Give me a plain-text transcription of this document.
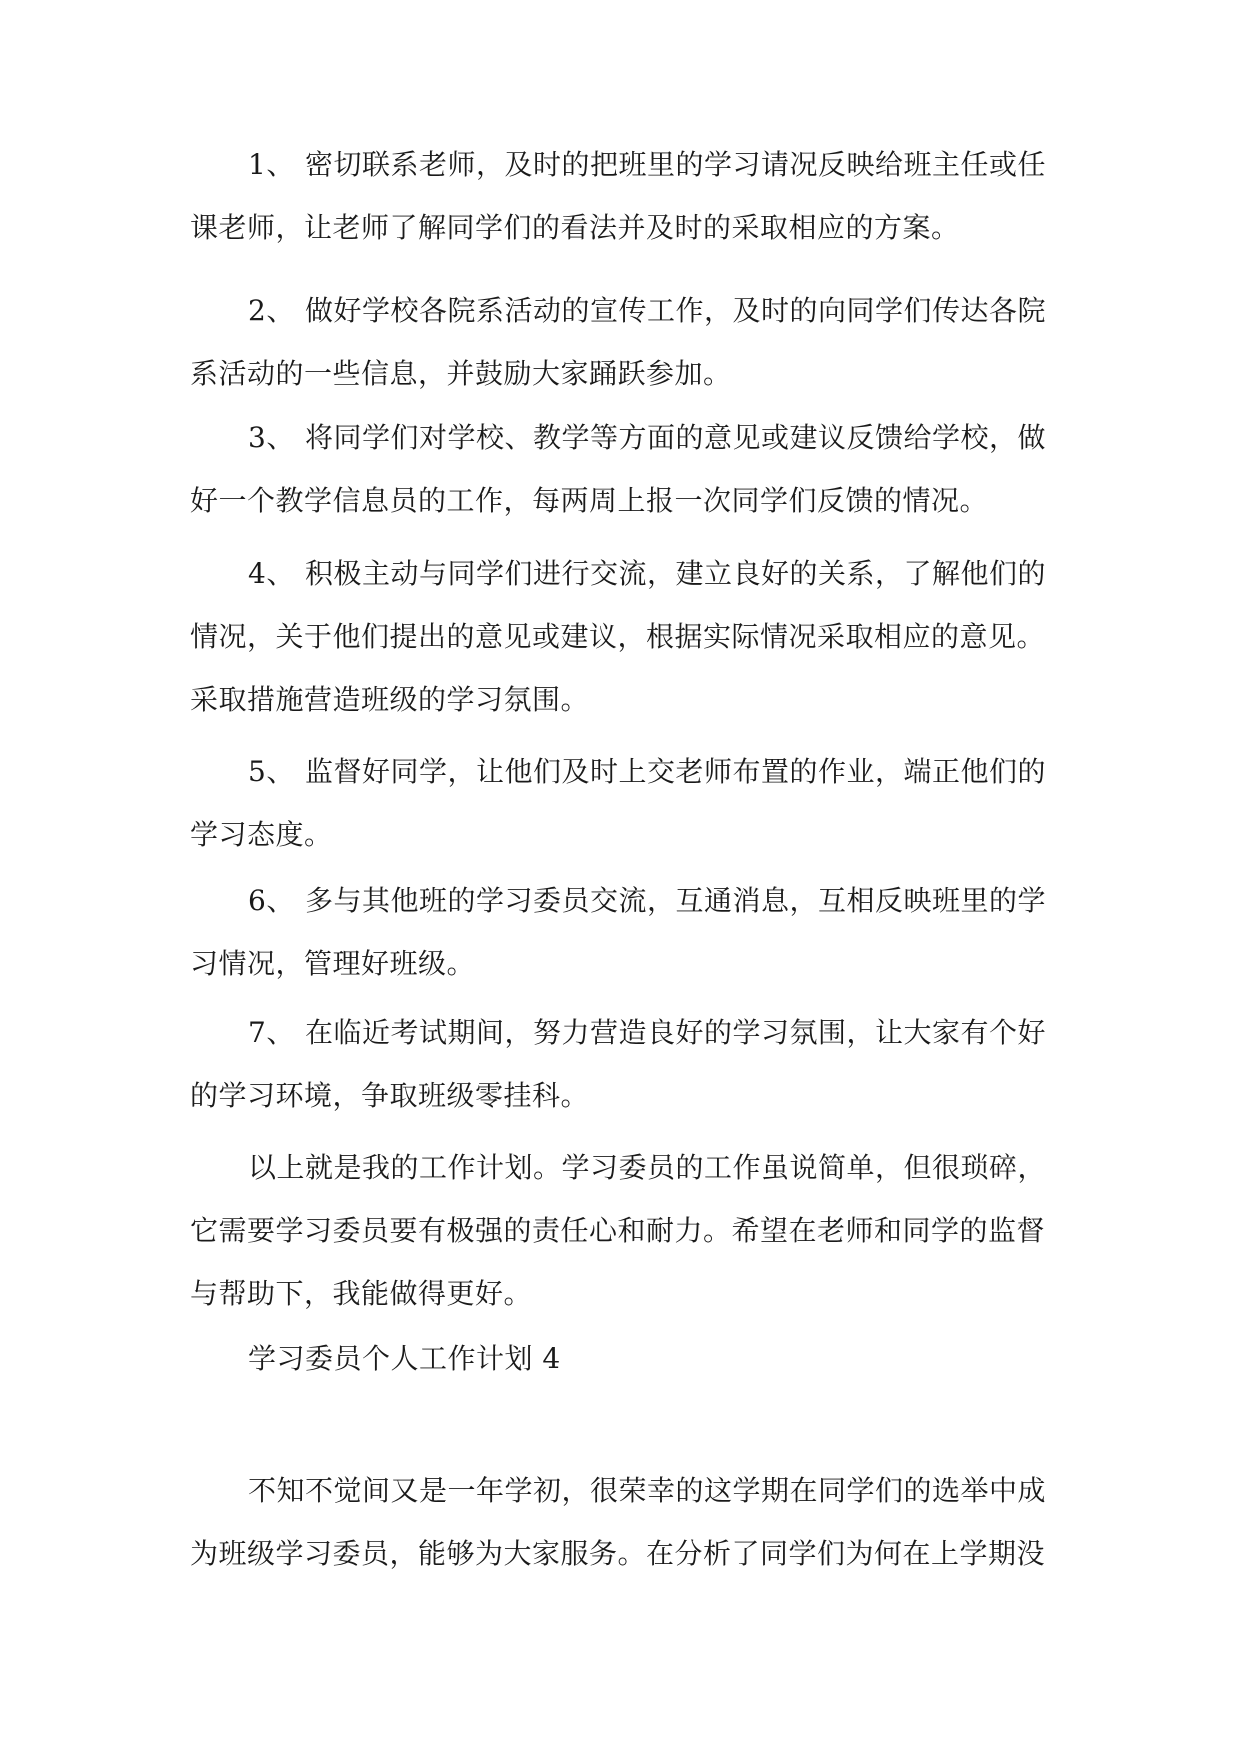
1、 密切联系老师，及时的把班里的学习请况反映给班主任或任
课老师，让老师了解同学们的看法并及时的采取相应的方案。
2、 做好学校各院系活动的宣传工作，及时的向同学们传达各院
系活动的一些信息，并鼓励大家踊跃参加。
3、 将同学们对学校、教学等方面的意见或建议反馈给学校，做
好一个教学信息员的工作，每两周上报一次同学们反馈的情况。
4、 积极主动与同学们进行交流，建立良好的关系，了解他们的
情况，关于他们提出的意见或建议，根据实际情况采取相应的意见。
采取措施营造班级的学习氛围。
5、 监督好同学，让他们及时上交老师布置的作业，端正他们的
学习态度。
6、 多与其他班的学习委员交流，互通消息，互相反映班里的学
习情况，管理好班级。
7、 在临近考试期间，努力营造良好的学习氛围，让大家有个好
的学习环境，争取班级零挂科。
以上就是我的工作计划。学习委员的工作虽说简单，但很琐碎，
它需要学习委员要有极强的责任心和耐力。希望在老师和同学的监督
与帮助下，我能做得更好。
学习委员个人工作计划 4
不知不觉间又是一年学初，很荣幸的这学期在同学们的选举中成
为班级学习委员，能够为大家服务。在分析了同学们为何在上学期没
